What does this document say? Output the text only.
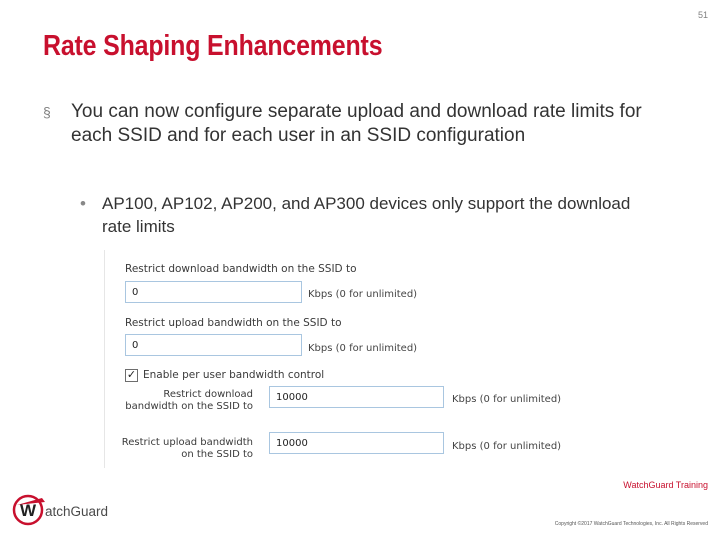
51
Rate Shaping Enhancements
§ You can now configure separate upload and download rate limits for each SSID and for each user in an SSID configuration
• AP100, AP102, AP200, and AP300 devices only support the download rate limits
Restrict download bandwidth on the SSID to
0	Kbps (0 for unlimited)
Restrict upload bandwidth on the SSID to
0	Kbps (0 for unlimited)
✓ Enable per user bandwidth control
Restrict download
bandwidth on the SSID to
10000	Kbps (0 for unlimited)
Restrict upload bandwidth
on the SSID to
10000	Kbps (0 for unlimited)
W atchGuard
WatchGuard Training
Copyright ©2017 WatchGuard Technologies, Inc. All Rights Reserved
